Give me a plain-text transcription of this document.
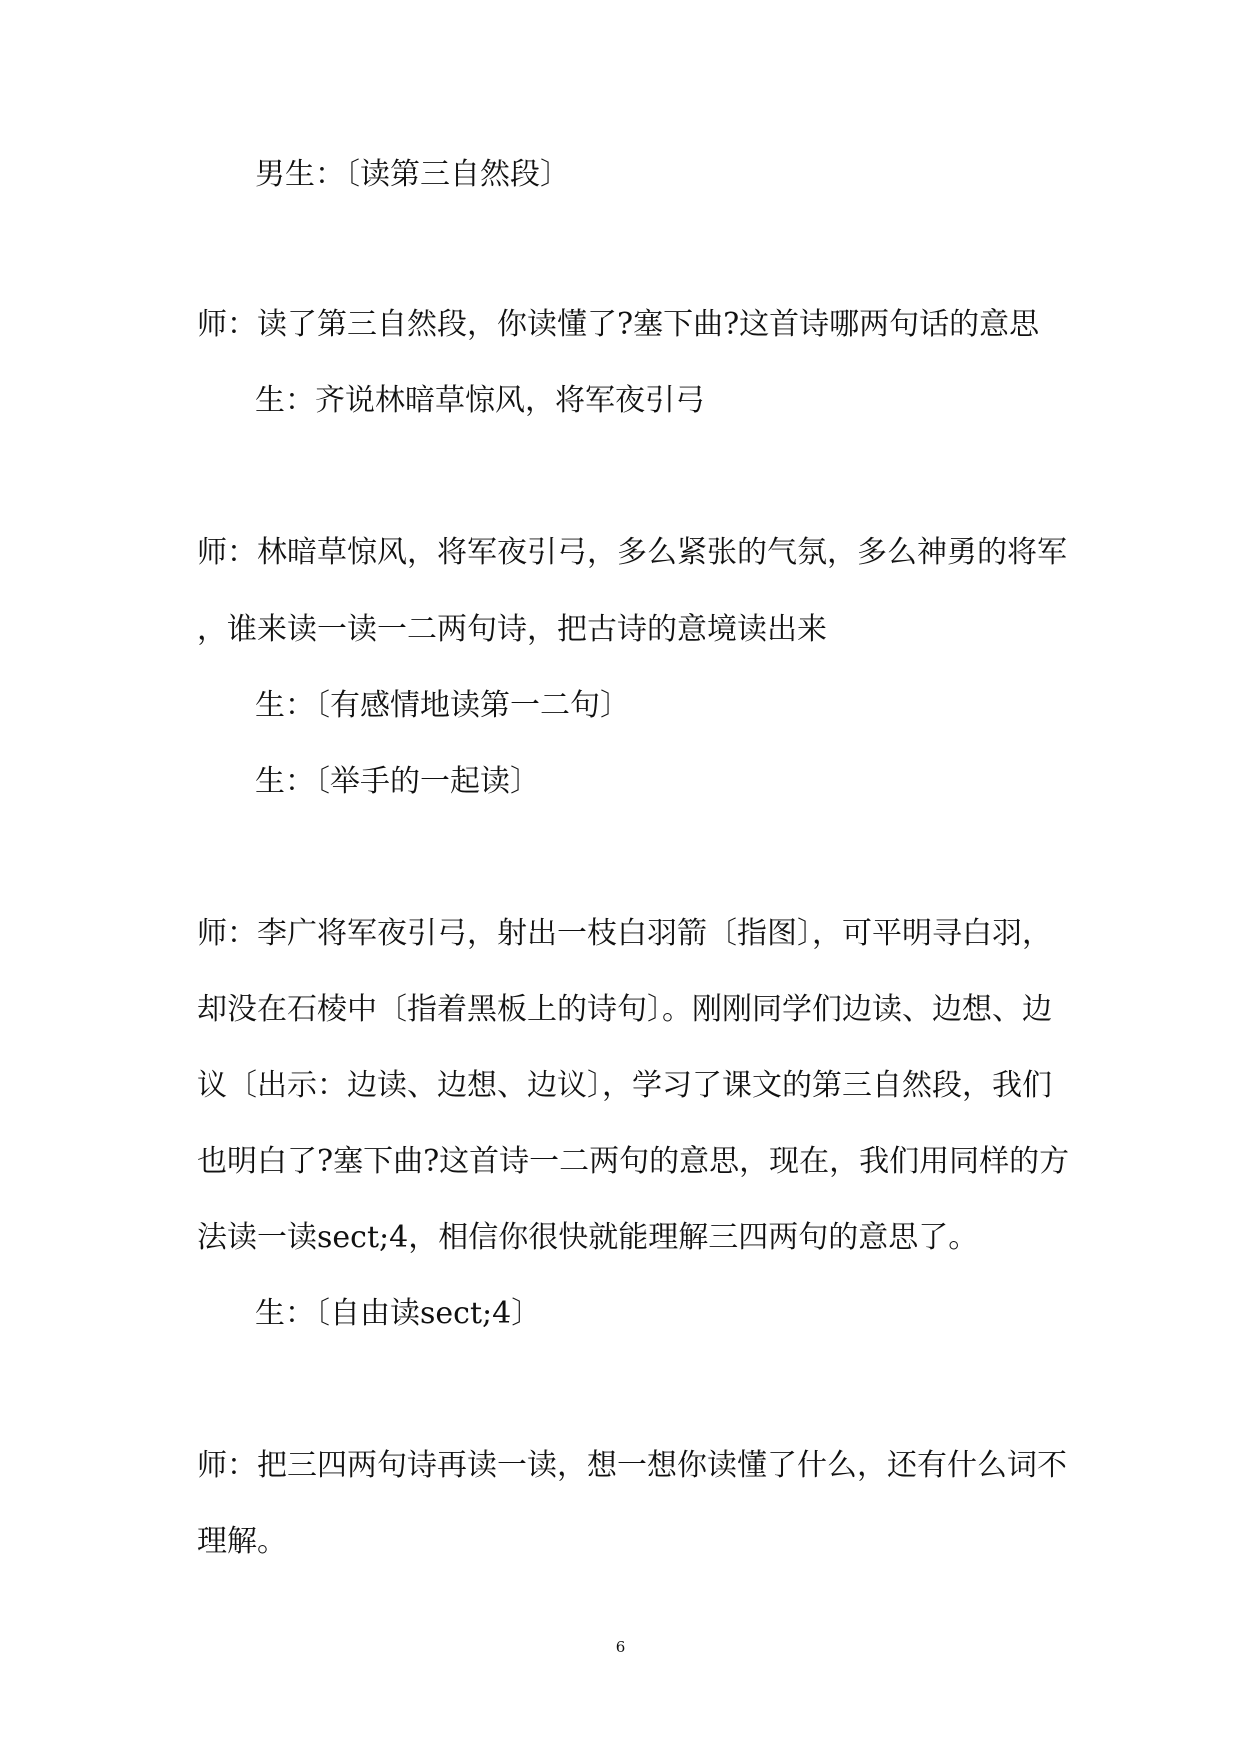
男生：〔读第三自然段〕
师：读了第三自然段，你读懂了?塞下曲?这首诗哪两句话的意思
生：齐说林暗草惊风，将军夜引弓
师：林暗草惊风，将军夜引弓，多么紧张的气氛，多么神勇的将军
，谁来读一读一二两句诗，把古诗的意境读出来
生：〔有感情地读第一二句〕
生：〔举手的一起读〕
师：李广将军夜引弓，射出一枝白羽箭〔指图〕，可平明寻白羽，
却没在石棱中〔指着黑板上的诗句〕。刚刚同学们边读、边想、边
议〔出示：边读、边想、边议〕，学习了课文的第三自然段，我们
也明白了?塞下曲?这首诗一二两句的意思，现在，我们用同样的方
法读一读sect;4，相信你很快就能理解三四两句的意思了。
生：〔自由读sect;4〕
师：把三四两句诗再读一读，想一想你读懂了什么，还有什么词不
理解。
6
